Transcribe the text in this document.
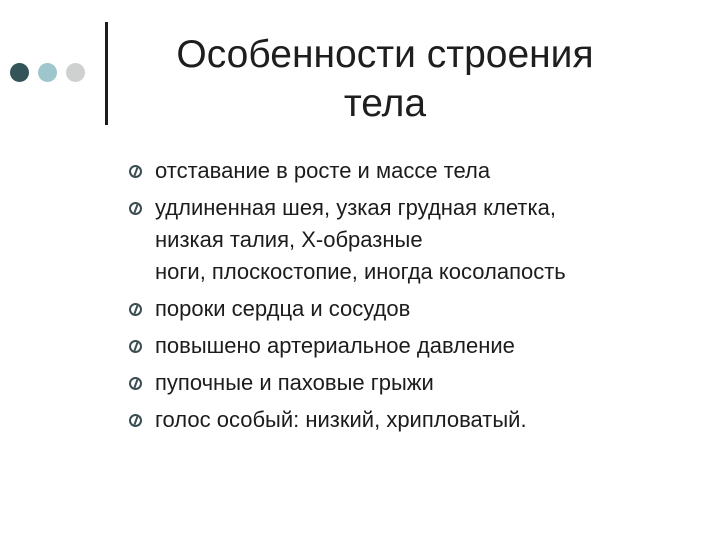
Особенности строения
тела
отставание в росте и массе тела
удлиненная шея, узкая грудная клетка,
низкая талия, Х-образные
ноги, плоскостопие, иногда косолапость
пороки сердца и сосудов
повышено артериальное давление
пупочные и паховые грыжи
голос особый: низкий, хрипловатый.
